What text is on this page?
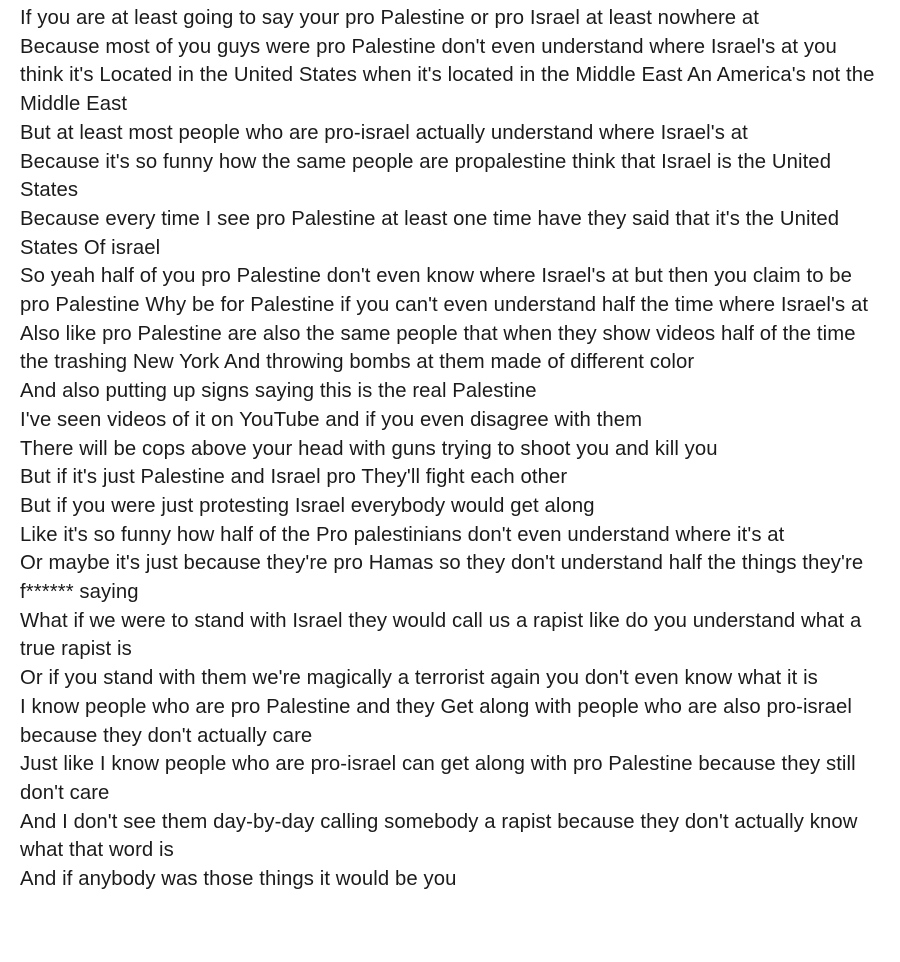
If you are at least going to say your pro Palestine or pro Israel at least nowhere at
Because most of you guys were pro Palestine don't even understand where Israel's at you think it's Located in the United States when it's located in the Middle East An America's not the Middle East
But at least most people who are pro-israel actually understand where Israel's at
Because it's so funny how the same people are propalestine think that Israel is the United States
Because every time I see pro Palestine at least one time have they said that it's the United States Of israel
So yeah half of you pro Palestine don't even know where Israel's at but then you claim to be pro Palestine Why be for Palestine if you can't even understand half the time where Israel's at
Also like pro Palestine are also the same people that when they show videos half of the time the trashing New York And throwing bombs at them made of different color
And also putting up signs saying this is the real Palestine
I've seen videos of it on YouTube and if you even disagree with them
There will be cops above your head with guns trying to shoot you and kill you
But if it's just Palestine and Israel pro They'll fight each other
But if you were just protesting Israel everybody would get along
Like it's so funny how half of the Pro palestinians don't even understand where it's at
Or maybe it's just because they're pro Hamas so they don't understand half the things they're f****** saying
What if we were to stand with Israel they would call us a rapist like do you understand what a true rapist is
Or if you stand with them we're magically a terrorist again you don't even know what it is
I know people who are pro Palestine and they Get along with people who are also pro-israel because they don't actually care
Just like I know people who are pro-israel can get along with pro Palestine because they still don't care
And I don't see them day-by-day calling somebody a rapist because they don't actually know what that word is
And if anybody was those things it would be you
